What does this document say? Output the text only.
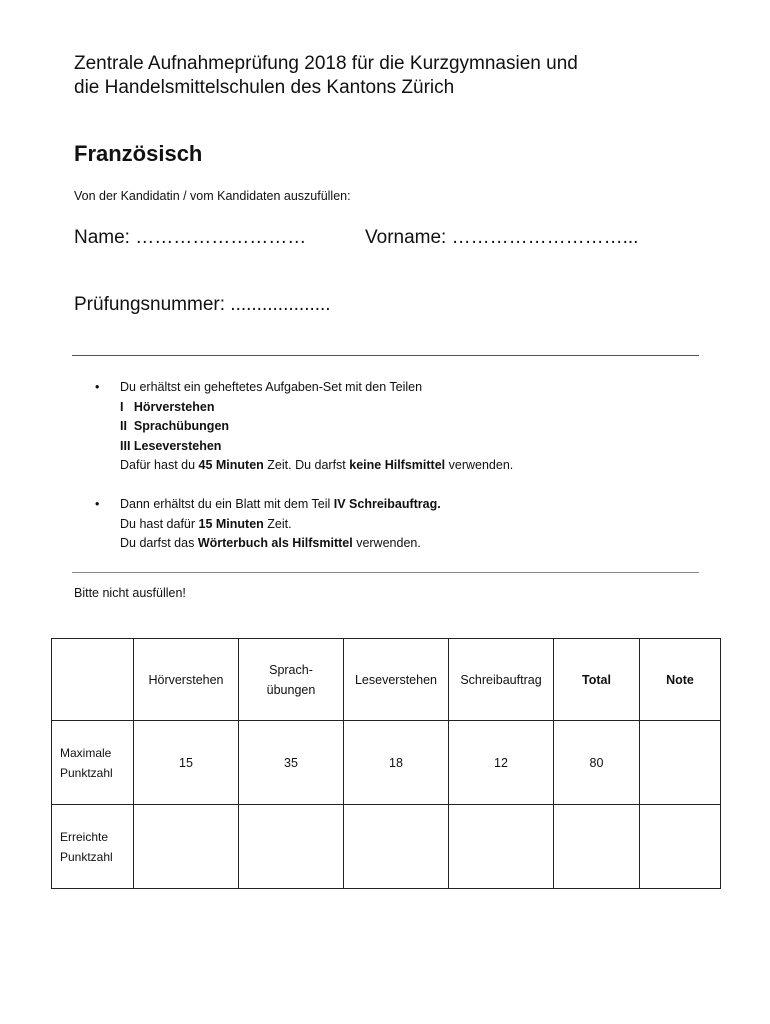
Zentrale Aufnahmeprüfung 2018 für die Kurzgymnasien und
die Handelsmittelschulen des Kantons Zürich
Französisch
Von der Kandidatin / vom Kandidaten auszufüllen:
Name: ………………………	Vorname: ………………………...
Prüfungsnummer: ...................
• Du erhältst ein geheftetes Aufgaben-Set mit den Teilen
I   Hörverstehen
II  Sprachübungen
III Leseverstehen
Dafür hast du 45 Minuten Zeit. Du darfst keine Hilfsmittel verwenden.
• Dann erhältst du ein Blatt mit dem Teil IV Schreibauftrag.
Du hast dafür 15 Minuten Zeit.
Du darfst das Wörterbuch als Hilfsmittel verwenden.
Bitte nicht ausfüllen!
	Hörverstehen	Sprach-
übungen	Leseverstehen	Schreibauftrag	Total	Note
Maximale
Punktzahl	15	35	18	12	80	
Erreichte
Punktzahl						
